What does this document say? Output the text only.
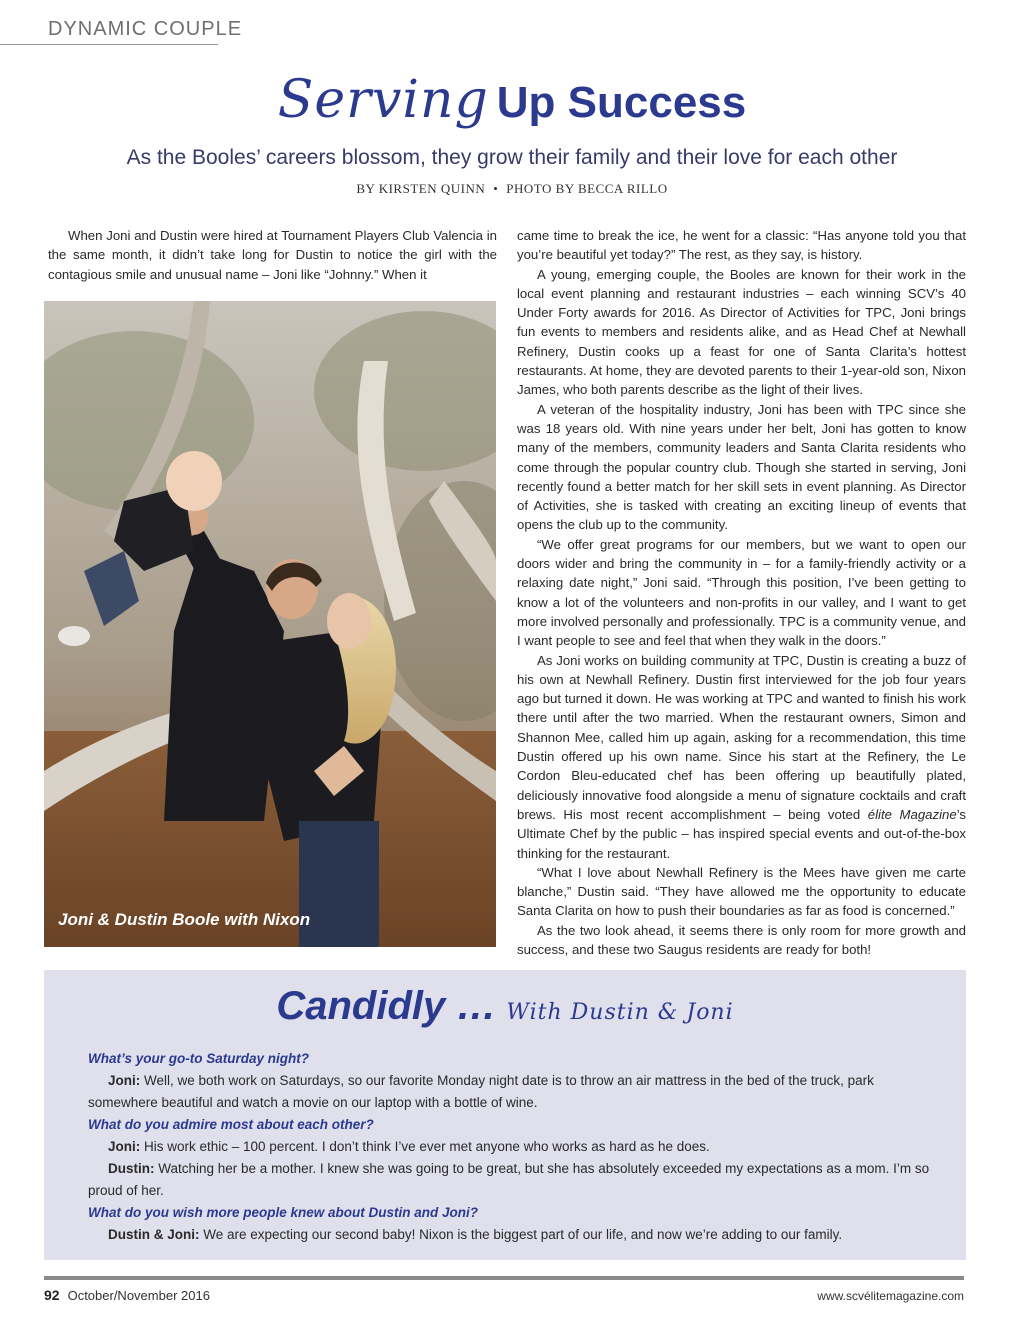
DYNAMIC COUPLE
Serving Up Success
As the Booles’ careers blossom, they grow their family and their love for each other
BY KIRSTEN QUINN • PHOTO BY BECCA RILLO

When Joni and Dustin were hired at Tournament Players Club Valencia in the same month, it didn’t take long for Dustin to notice the girl with the contagious smile and unusual name – Joni like “Johnny.” When it

Joni & Dustin Boole with Nixon

came time to break the ice, he went for a classic: “Has anyone told you that you’re beautiful yet today?” The rest, as they say, is history.

A young, emerging couple, the Booles are known for their work in the local event planning and restaurant industries – each winning SCV’s 40 Under Forty awards for 2016. As Director of Activities for TPC, Joni brings fun events to members and residents alike, and as Head Chef at Newhall Refinery, Dustin cooks up a feast for one of Santa Clarita’s hottest restaurants. At home, they are devoted parents to their 1-year-old son, Nixon James, who both parents describe as the light of their lives.

A veteran of the hospitality industry, Joni has been with TPC since she was 18 years old. With nine years under her belt, Joni has gotten to know many of the members, community leaders and Santa Clarita residents who come through the popular country club. Though she started in serving, Joni recently found a better match for her skill sets in event planning. As Director of Activities, she is tasked with creating an exciting lineup of events that opens the club up to the community.

“We offer great programs for our members, but we want to open our doors wider and bring the community in – for a family-friendly activity or a relaxing date night,” Joni said. “Through this position, I’ve been getting to know a lot of the volunteers and non-profits in our valley, and I want to get more involved personally and professionally. TPC is a community venue, and I want people to see and feel that when they walk in the doors.”

As Joni works on building community at TPC, Dustin is creating a buzz of his own at Newhall Refinery. Dustin first interviewed for the job four years ago but turned it down. He was working at TPC and wanted to finish his work there until after the two married. When the restaurant owners, Simon and Shannon Mee, called him up again, asking for a recommendation, this time Dustin offered up his own name. Since his start at the Refinery, the Le Cordon Bleu-educated chef has been offering up beautifully plated, deliciously innovative food alongside a menu of signature cocktails and craft brews. His most recent accomplishment – being voted élite Magazine’s Ultimate Chef by the public – has inspired special events and out-of-the-box thinking for the restaurant.

“What I love about Newhall Refinery is the Mees have given me carte blanche,” Dustin said. “They have allowed me the opportunity to educate Santa Clarita on how to push their boundaries as far as food is concerned.”

As the two look ahead, it seems there is only room for more growth and success, and these two Saugus residents are ready for both!

Candidly … With Dustin & Joni
What’s your go-to Saturday night?
Joni: Well, we both work on Saturdays, so our favorite Monday night date is to throw an air mattress in the bed of the truck, park somewhere beautiful and watch a movie on our laptop with a bottle of wine.
What do you admire most about each other?
Joni: His work ethic – 100 percent. I don’t think I’ve ever met anyone who works as hard as he does.
Dustin: Watching her be a mother. I knew she was going to be great, but she has absolutely exceeded my expectations as a mom. I’m so proud of her.
What do you wish more people knew about Dustin and Joni?
Dustin & Joni: We are expecting our second baby! Nixon is the biggest part of our life, and now we’re adding to our family.
92 October/November 2016	www.scvélitemagazine.com
